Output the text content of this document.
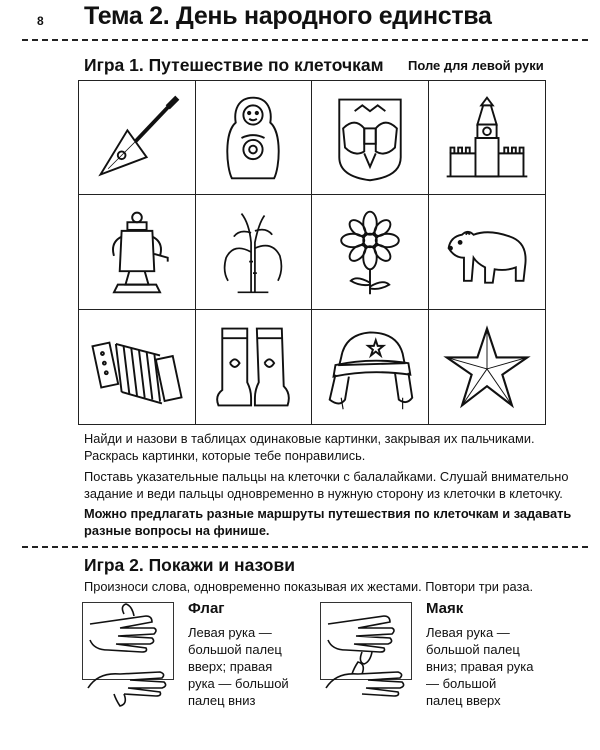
8 Тема 2. День народного единства
Игра 1. Путешествие по клеточкам Поле для левой руки
Найди и назови в таблицах одинаковые картинки, закрывая их пальчиками. Раскрась картинки, которые тебе понравились.
Поставь указательные пальцы на клеточки с балалайками. Слушай внимательно задание и веди пальцы одновременно в нужную сторону из клеточки в клеточку.
Можно предлагать разные маршруты путешествия по клеточкам и задавать разные вопросы на финише.
Игра 2. Покажи и назови
Произноси слова, одновременно показывая их жестами. Повтори три раза.
Флаг
Левая рука — большой палец вверх; правая рука — большой палец вниз
Маяк
Левая рука — большой палец вниз; правая рука — большой палец вверх
